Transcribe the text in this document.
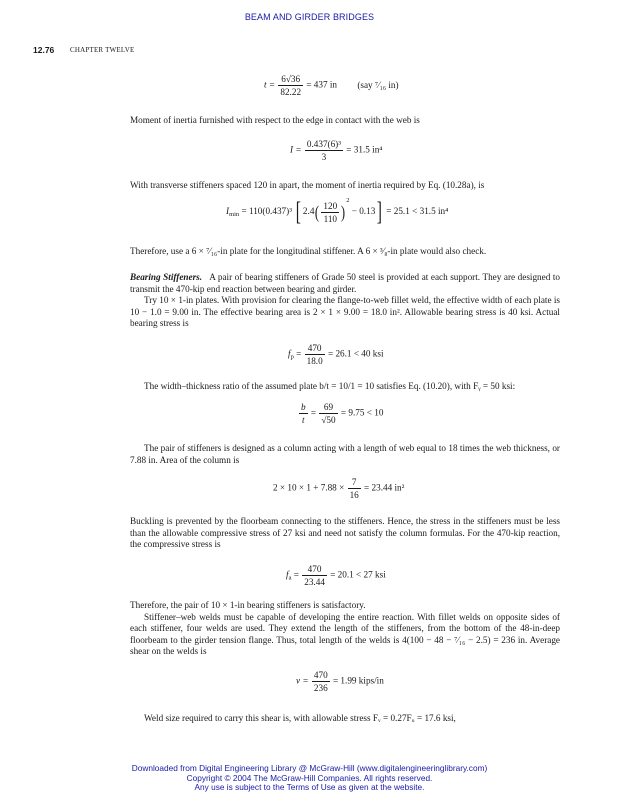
BEAM AND GIRDER BRIDGES
12.76 CHAPTER TWELVE
$t = \frac{6√36}{82.22} = 437$ in (say ⁷⁄₁₆ in)
Moment of inertia furnished with respect to the edge in contact with the web is
$I = \frac{\text{0.437(6)³}}{3} = 31.5$ in⁴
With transverse stiffeners spaced 120 in apart, the moment of inertia required by Eq. (10.28a), is
$I_{min} = 110(0.437)^3$ [ $2.4( \frac{120}{110} )^2 - 0.13] = 25.1 < 31.5$ in⁴
Therefore, use a 6 × ⁷⁄₁₆-in plate for the longitudinal stiffener. A 6 × ³⁄₈-in plate would also check.

Bearing Stiffeners. A pair of bearing stiffeners of Grade 50 steel is provided at each support. They are designed to transmit the 470-kip end reaction between bearing and girder.

Try 10 × 1-in plates. With provision for clearing the flange-to-web fillet weld, the effective width of each plate is 10 − 1.0 = 9.00 in. The effective bearing area is 2 × 1 × 9.00 = 18.0 in². Allowable bearing stress is 40 ksi. Actual bearing stress is

$f_p = \frac{470}{18.0} = 26.1 < 40$ ksi
The width–thickness ratio of the assumed plate b/t = 10/1 = 10 satisfies Eq. (10.20), with Fᵧ = 50 ksi:
$\frac{b}{t} = \frac{69}{√50} = 9.75 < 10$
The pair of stiffeners is designed as a column acting with a length of web equal to 18 times the web thickness, or 7.88 in. Area of the column is
$2 \times 10 \times 1 + 7.88 \times \frac{7}{16} = 23.44$ in²
Buckling is prevented by the floorbeam connecting to the stiffeners. Hence, the stress in the stiffeners must be less than the allowable compressive stress of 27 ksi and need not satisfy the column formulas. For the 470-kip reaction, the compressive stress is
$f_a = \frac{470}{23.44} = 20.1 < 27$ ksi

Therefore, the pair of 10 × 1-in bearing stiffeners is satisfactory.

Stiffener–web welds must be capable of developing the entire reaction. With fillet welds on opposite sides of each stiffener, four welds are used. They extend the length of the stiffeners, from the bottom of the 48-in-deep floorbeam to the girder tension flange. Thus, total length of the welds is 4(100 − 48 − ⁷⁄₁₆ − 2.5) = 236 in. Average shear on the welds is

$v = \frac{470}{236} = 1.99$ kips/in
Weld size required to carry this shear is, with allowable stress Fᵥ = 0.27Fᵤ = 17.6 ksi,
Downloaded from Digital Engineering Library @ McGraw-Hill (www.digitalengineeringlibrary.com)
Copyright © 2004 The McGraw-Hill Companies. All rights reserved.
Any use is subject to the Terms of Use as given at the website.
